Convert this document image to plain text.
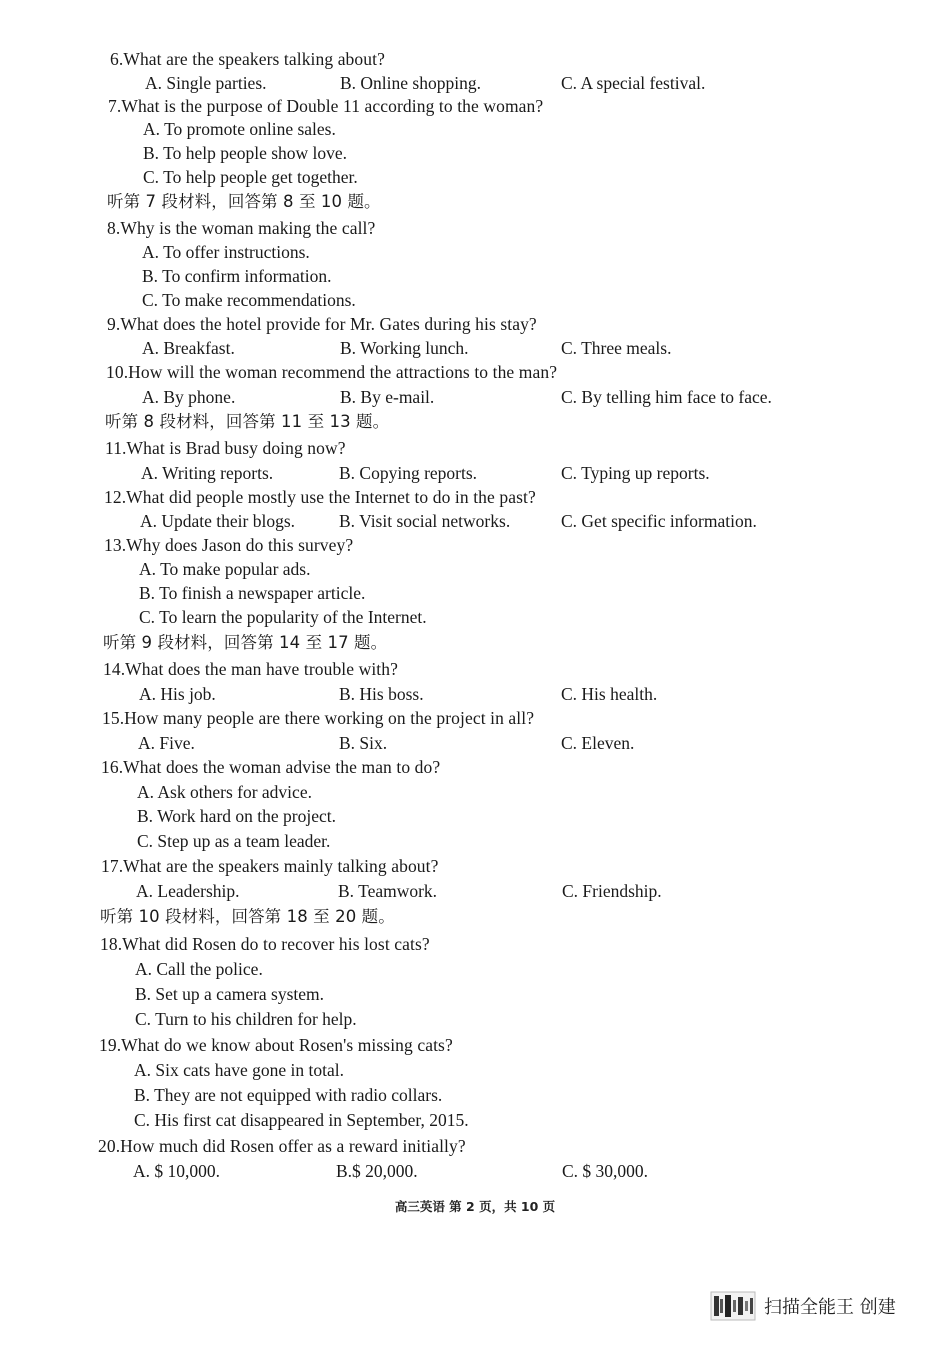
6.What are the speakers talking about?
A. Single parties.	B. Online shopping.	C. A special festival.
7.What is the purpose of Double 11 according to the woman?
A. To promote online sales.
B. To help people show love.
C. To help people get together.
听第 7 段材料，回答第 8 至 10 题。
8.Why is the woman making the call?
A. To offer instructions.
B. To confirm information.
C. To make recommendations.
9.What does the hotel provide for Mr. Gates during his stay?
A. Breakfast.	B. Working lunch.	C. Three meals.
10.How will the woman recommend the attractions to the man?
A. By phone.	B. By e-mail.	C. By telling him face to face.
听第 8 段材料，回答第 11 至 13 题。
11.What is Brad busy doing now?
A. Writing reports.	B. Copying reports.	C. Typing up reports.
12.What did people mostly use the Internet to do in the past?
A. Update their blogs.	B. Visit social networks.	C. Get specific information.
13.Why does Jason do this survey?
A. To make popular ads.
B. To finish a newspaper article.
C. To learn the popularity of the Internet.
听第 9 段材料，回答第 14 至 17 题。
14.What does the man have trouble with?
A. His job.	B. His boss.	C. His health.
15.How many people are there working on the project in all?
A. Five.	B. Six.	C. Eleven.
16.What does the woman advise the man to do?
A. Ask others for advice.
B. Work hard on the project.
C. Step up as a team leader.
17.What are the speakers mainly talking about?
A. Leadership.	B. Teamwork.	C. Friendship.
听第 10 段材料，回答第 18 至 20 题。
18.What did Rosen do to recover his lost cats?
A. Call the police.
B. Set up a camera system.
C. Turn to his children for help.
19.What do we know about Rosen's missing cats?
A. Six cats have gone in total.
B. They are not equipped with radio collars.
C. His first cat disappeared in September, 2015.
20.How much did Rosen offer as a reward initially?
A. $ 10,000.	B.$ 20,000.	C. $ 30,000.
高三英语 第 2 页，共 10 页
扫描全能王 创建
